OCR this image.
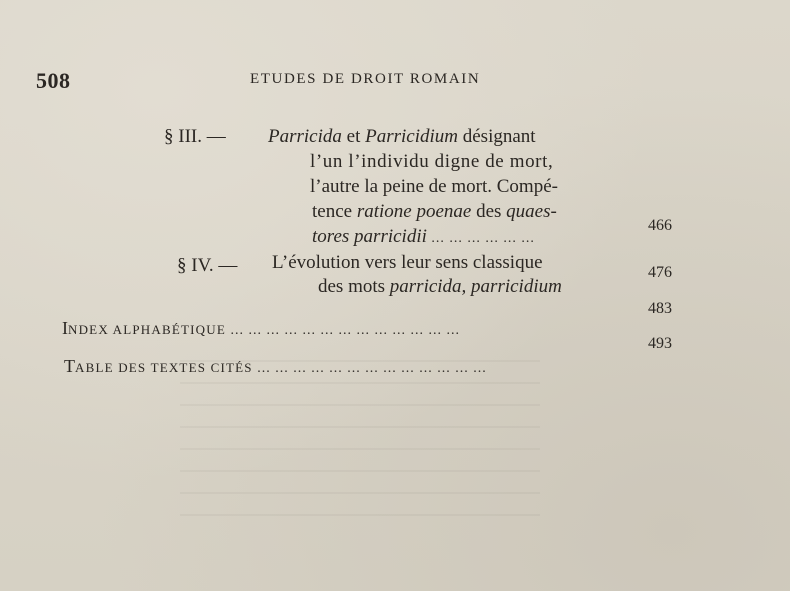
508	ETUDES DE DROIT ROMAIN
§ III. — Parricida et Parricidium désignant
l’un l’individu digne de mort,
l’autre la peine de mort. Compé-
tence ratione poenae des quaes-
tores parricidii ... ... ... ... ... ...
466
§ IV. — L’évolution vers leur sens classique
des mots parricida, parricidium
476
INDEX ALPHABÉTIQUE ... ... ... ... ... ... ... ... ... ... ... ... ...
483
TABLE DES TEXTES CITÉS ... ... ... ... ... ... ... ... ... ... ... ... ...
493
